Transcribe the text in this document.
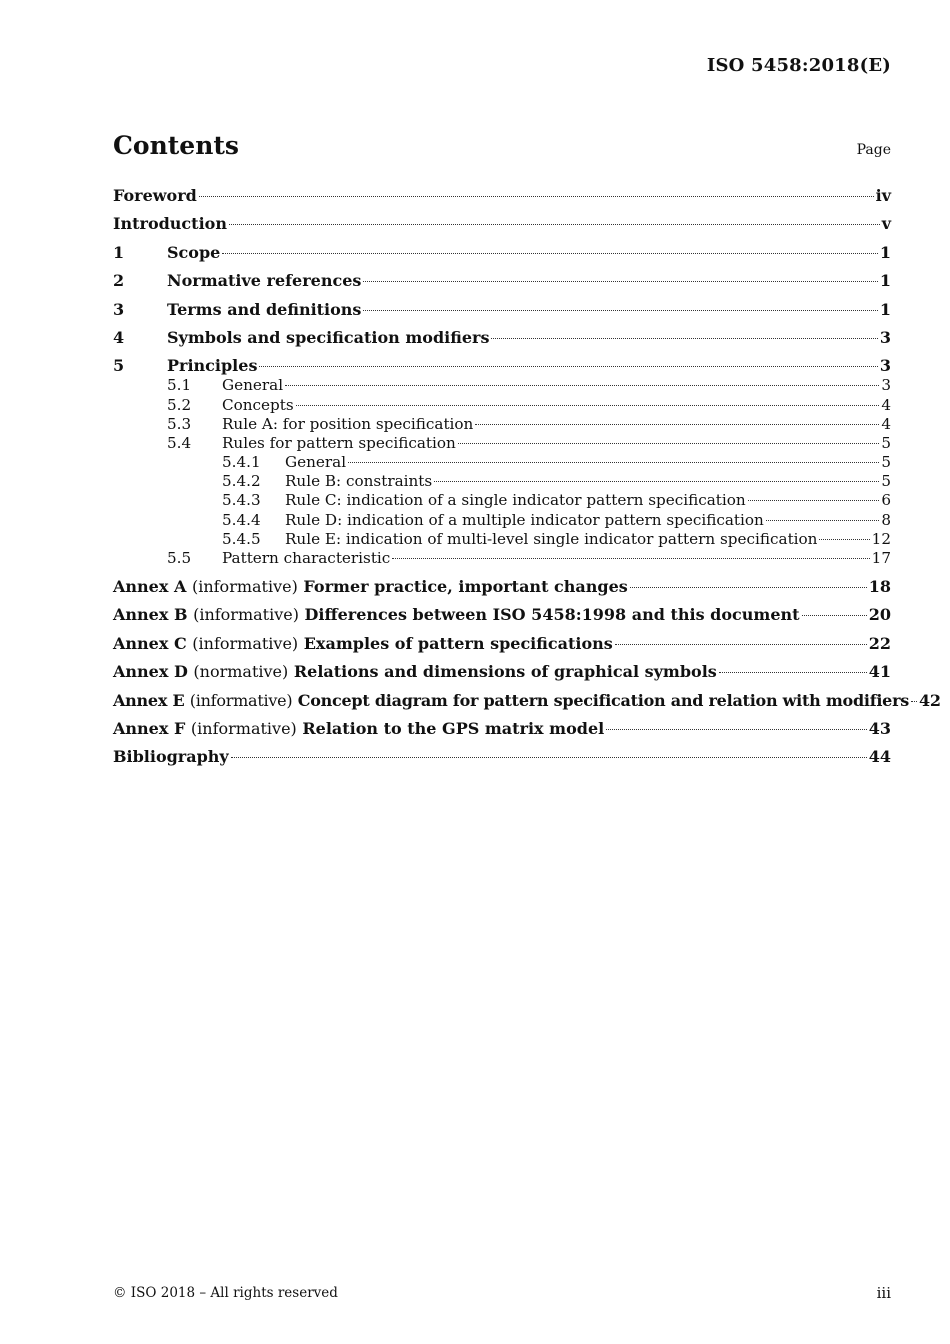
ISO 5458:2018(E)
Contents	Page
Foreword	iv
Introduction	v
1	Scope	1
2	Normative references	1
3	Terms and definitions	1
4	Symbols and specification modifiers	3
5	Principles	3
5.1	General	3
5.2	Concepts	4
5.3	Rule A: for position specification	4
5.4	Rules for pattern specification	5
5.4.1	General	5
5.4.2	Rule B: constraints	5
5.4.3	Rule C: indication of a single indicator pattern specification	6
5.4.4	Rule D: indication of a multiple indicator pattern specification	8
5.4.5	Rule E: indication of multi-level single indicator pattern specification	12
5.5	Pattern characteristic	17
Annex A (informative) Former practice, important changes	18
Annex B (informative) Differences between ISO 5458:1998 and this document	20
Annex C (informative) Examples of pattern specifications	22
Annex D (normative) Relations and dimensions of graphical symbols	41
Annex E (informative) Concept diagram for pattern specification and relation with modifiers 42
Annex F (informative) Relation to the GPS matrix model	43
Bibliography	44
© ISO 2018 – All rights reserved	iii
